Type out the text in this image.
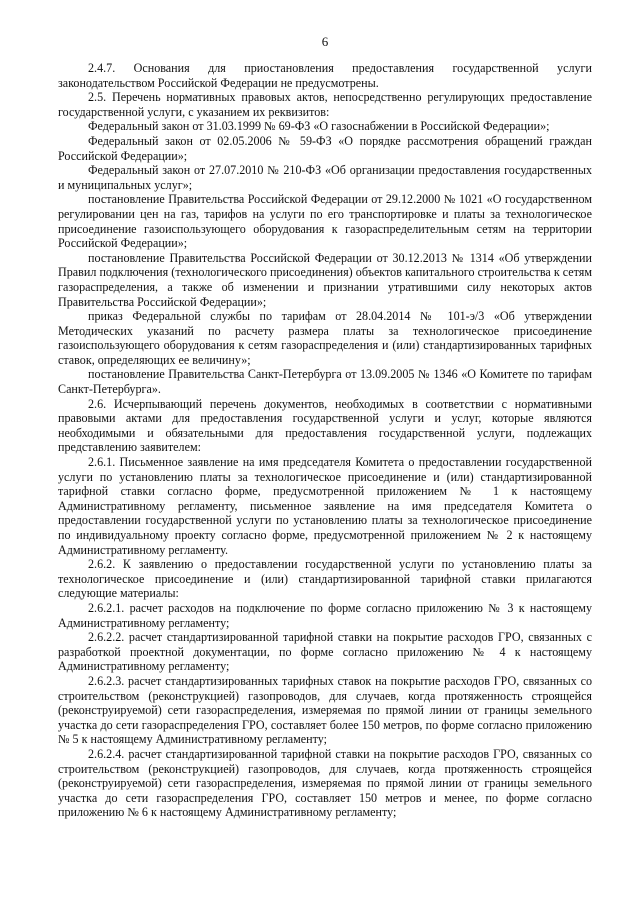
6

2.4.7. Основания для приостановления предоставления государственной услуги законодательством Российской Федерации не предусмотрены.

2.5. Перечень нормативных правовых актов, непосредственно регулирующих предоставление государственной услуги, с указанием их реквизитов:

Федеральный закон от 31.03.1999 № 69-ФЗ «О газоснабжении в Российской Федерации»;

Федеральный закон от 02.05.2006 № 59-ФЗ «О порядке рассмотрения обращений граждан Российской Федерации»;

Федеральный закон от 27.07.2010 № 210-ФЗ «Об организации предоставления государственных и муниципальных услуг»;

постановление Правительства Российской Федерации от 29.12.2000 № 1021 «О государственном регулировании цен на газ, тарифов на услуги по его транспортировке и платы за технологическое присоединение газоиспользующего оборудования к газораспределительным сетям на территории Российской Федерации»;

постановление Правительства Российской Федерации от 30.12.2013 № 1314 «Об утверждении Правил подключения (технологического присоединения) объектов капитального строительства к сетям газораспределения, а также об изменении и признании утратившими силу некоторых актов Правительства Российской Федерации»;

приказ Федеральной службы по тарифам от 28.04.2014 № 101-э/3 «Об утверждении Методических указаний по расчету размера платы за технологическое присоединение газоиспользующего оборудования к сетям газораспределения и (или) стандартизированных тарифных ставок, определяющих ее величину»;

постановление Правительства Санкт-Петербурга от 13.09.2005 № 1346 «О Комитете по тарифам Санкт-Петербурга».

2.6. Исчерпывающий перечень документов, необходимых в соответствии с нормативными правовыми актами для предоставления государственной услуги и услуг, которые являются необходимыми и обязательными для предоставления государственной услуги, подлежащих представлению заявителем:

2.6.1. Письменное заявление на имя председателя Комитета о предоставлении государственной услуги по установлению платы за технологическое присоединение и (или) стандартизированной тарифной ставки согласно форме, предусмотренной приложением № 1 к настоящему Административному регламенту, письменное заявление на имя председателя Комитета о предоставлении государственной услуги по установлению платы за технологическое присоединение по индивидуальному проекту согласно форме, предусмотренной приложением № 2 к настоящему Административному регламенту.

2.6.2. К заявлению о предоставлении государственной услуги по установлению платы за технологическое присоединение и (или) стандартизированной тарифной ставки прилагаются следующие материалы:

2.6.2.1. расчет расходов на подключение по форме согласно приложению № 3 к настоящему Административному регламенту;

2.6.2.2. расчет стандартизированной тарифной ставки на покрытие расходов ГРО, связанных с разработкой проектной документации, по форме согласно приложению № 4 к настоящему Административному регламенту;

2.6.2.3. расчет стандартизированных тарифных ставок на покрытие расходов ГРО, связанных со строительством (реконструкцией) газопроводов, для случаев, когда протяженность строящейся (реконструируемой) сети газораспределения, измеряемая по прямой линии от границы земельного участка до сети газораспределения ГРО, составляет более 150 метров, по форме согласно приложению № 5 к настоящему Административному регламенту;

2.6.2.4. расчет стандартизированной тарифной ставки на покрытие расходов ГРО, связанных со строительством (реконструкцией) газопроводов, для случаев, когда протяженность строящейся (реконструируемой) сети газораспределения, измеряемая по прямой линии от границы земельного участка до сети газораспределения ГРО, составляет 150 метров и менее, по форме согласно приложению № 6 к настоящему Административному регламенту;
